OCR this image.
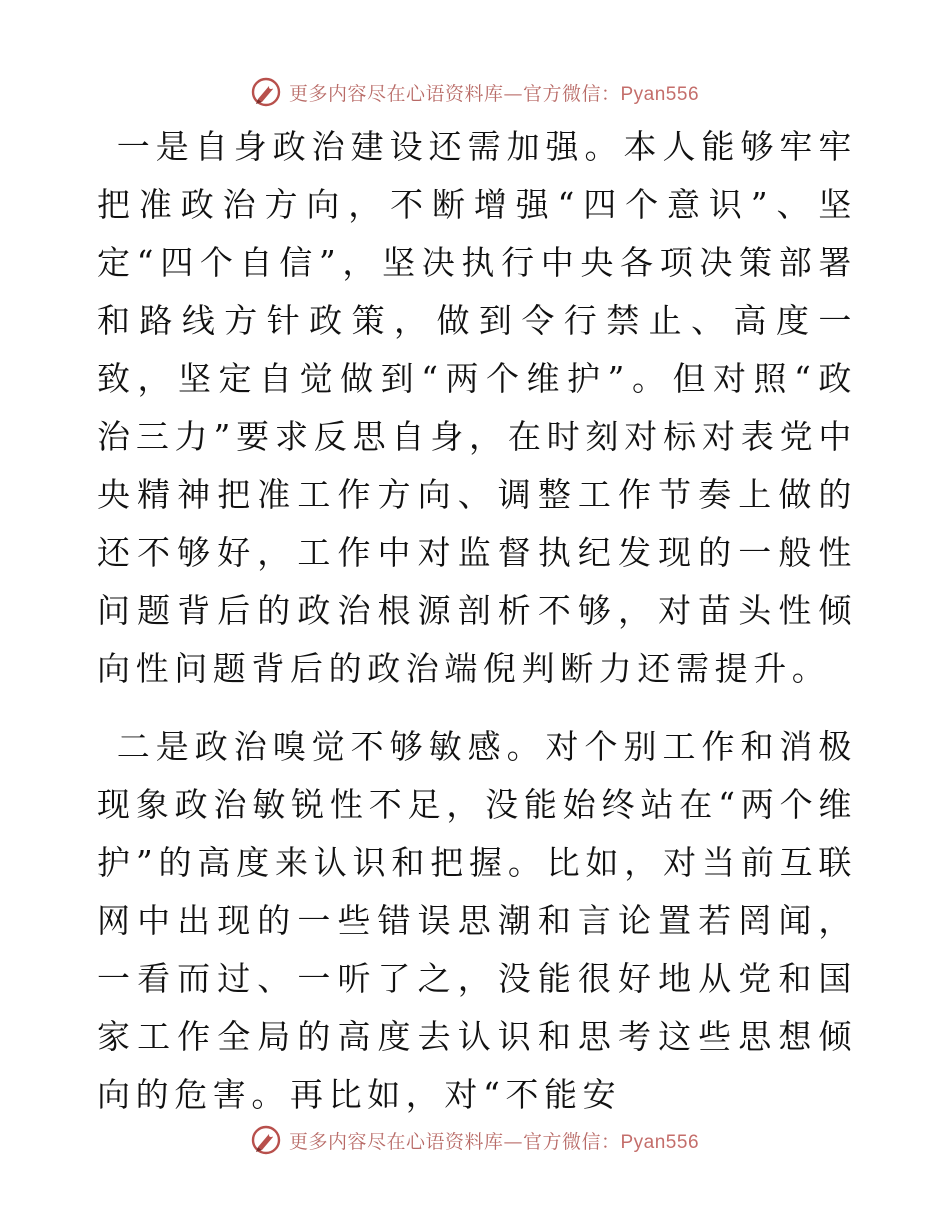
更多内容尽在心语资料库—官方微信：Pyan556

一是自身政治建设还需加强。本人能够牢牢把准政治方向，不断增强“四个意识”、坚定“四个自信”，坚决执行中央各项决策部署和路线方针政策，做到令行禁止、高度一致，坚定自觉做到“两个维护”。但对照“政治三力”要求反思自身，在时刻对标对表党中央精神把准工作方向、调整工作节奏上做的还不够好，工作中对监督执纪发现的一般性问题背后的政治根源剖析不够，对苗头性倾向性问题背后的政治端倪判断力还需提升。

二是政治嗅觉不够敏感。对个别工作和消极现象政治敏锐性不足，没能始终站在“两个维护”的高度来认识和把握。比如，对当前互联网中出现的一些错误思潮和言论置若罔闻，一看而过、一听了之，没能很好地从党和国家工作全局的高度去认识和思考这些思想倾向的危害。再比如，对“不能安

更多内容尽在心语资料库—官方微信：Pyan556
